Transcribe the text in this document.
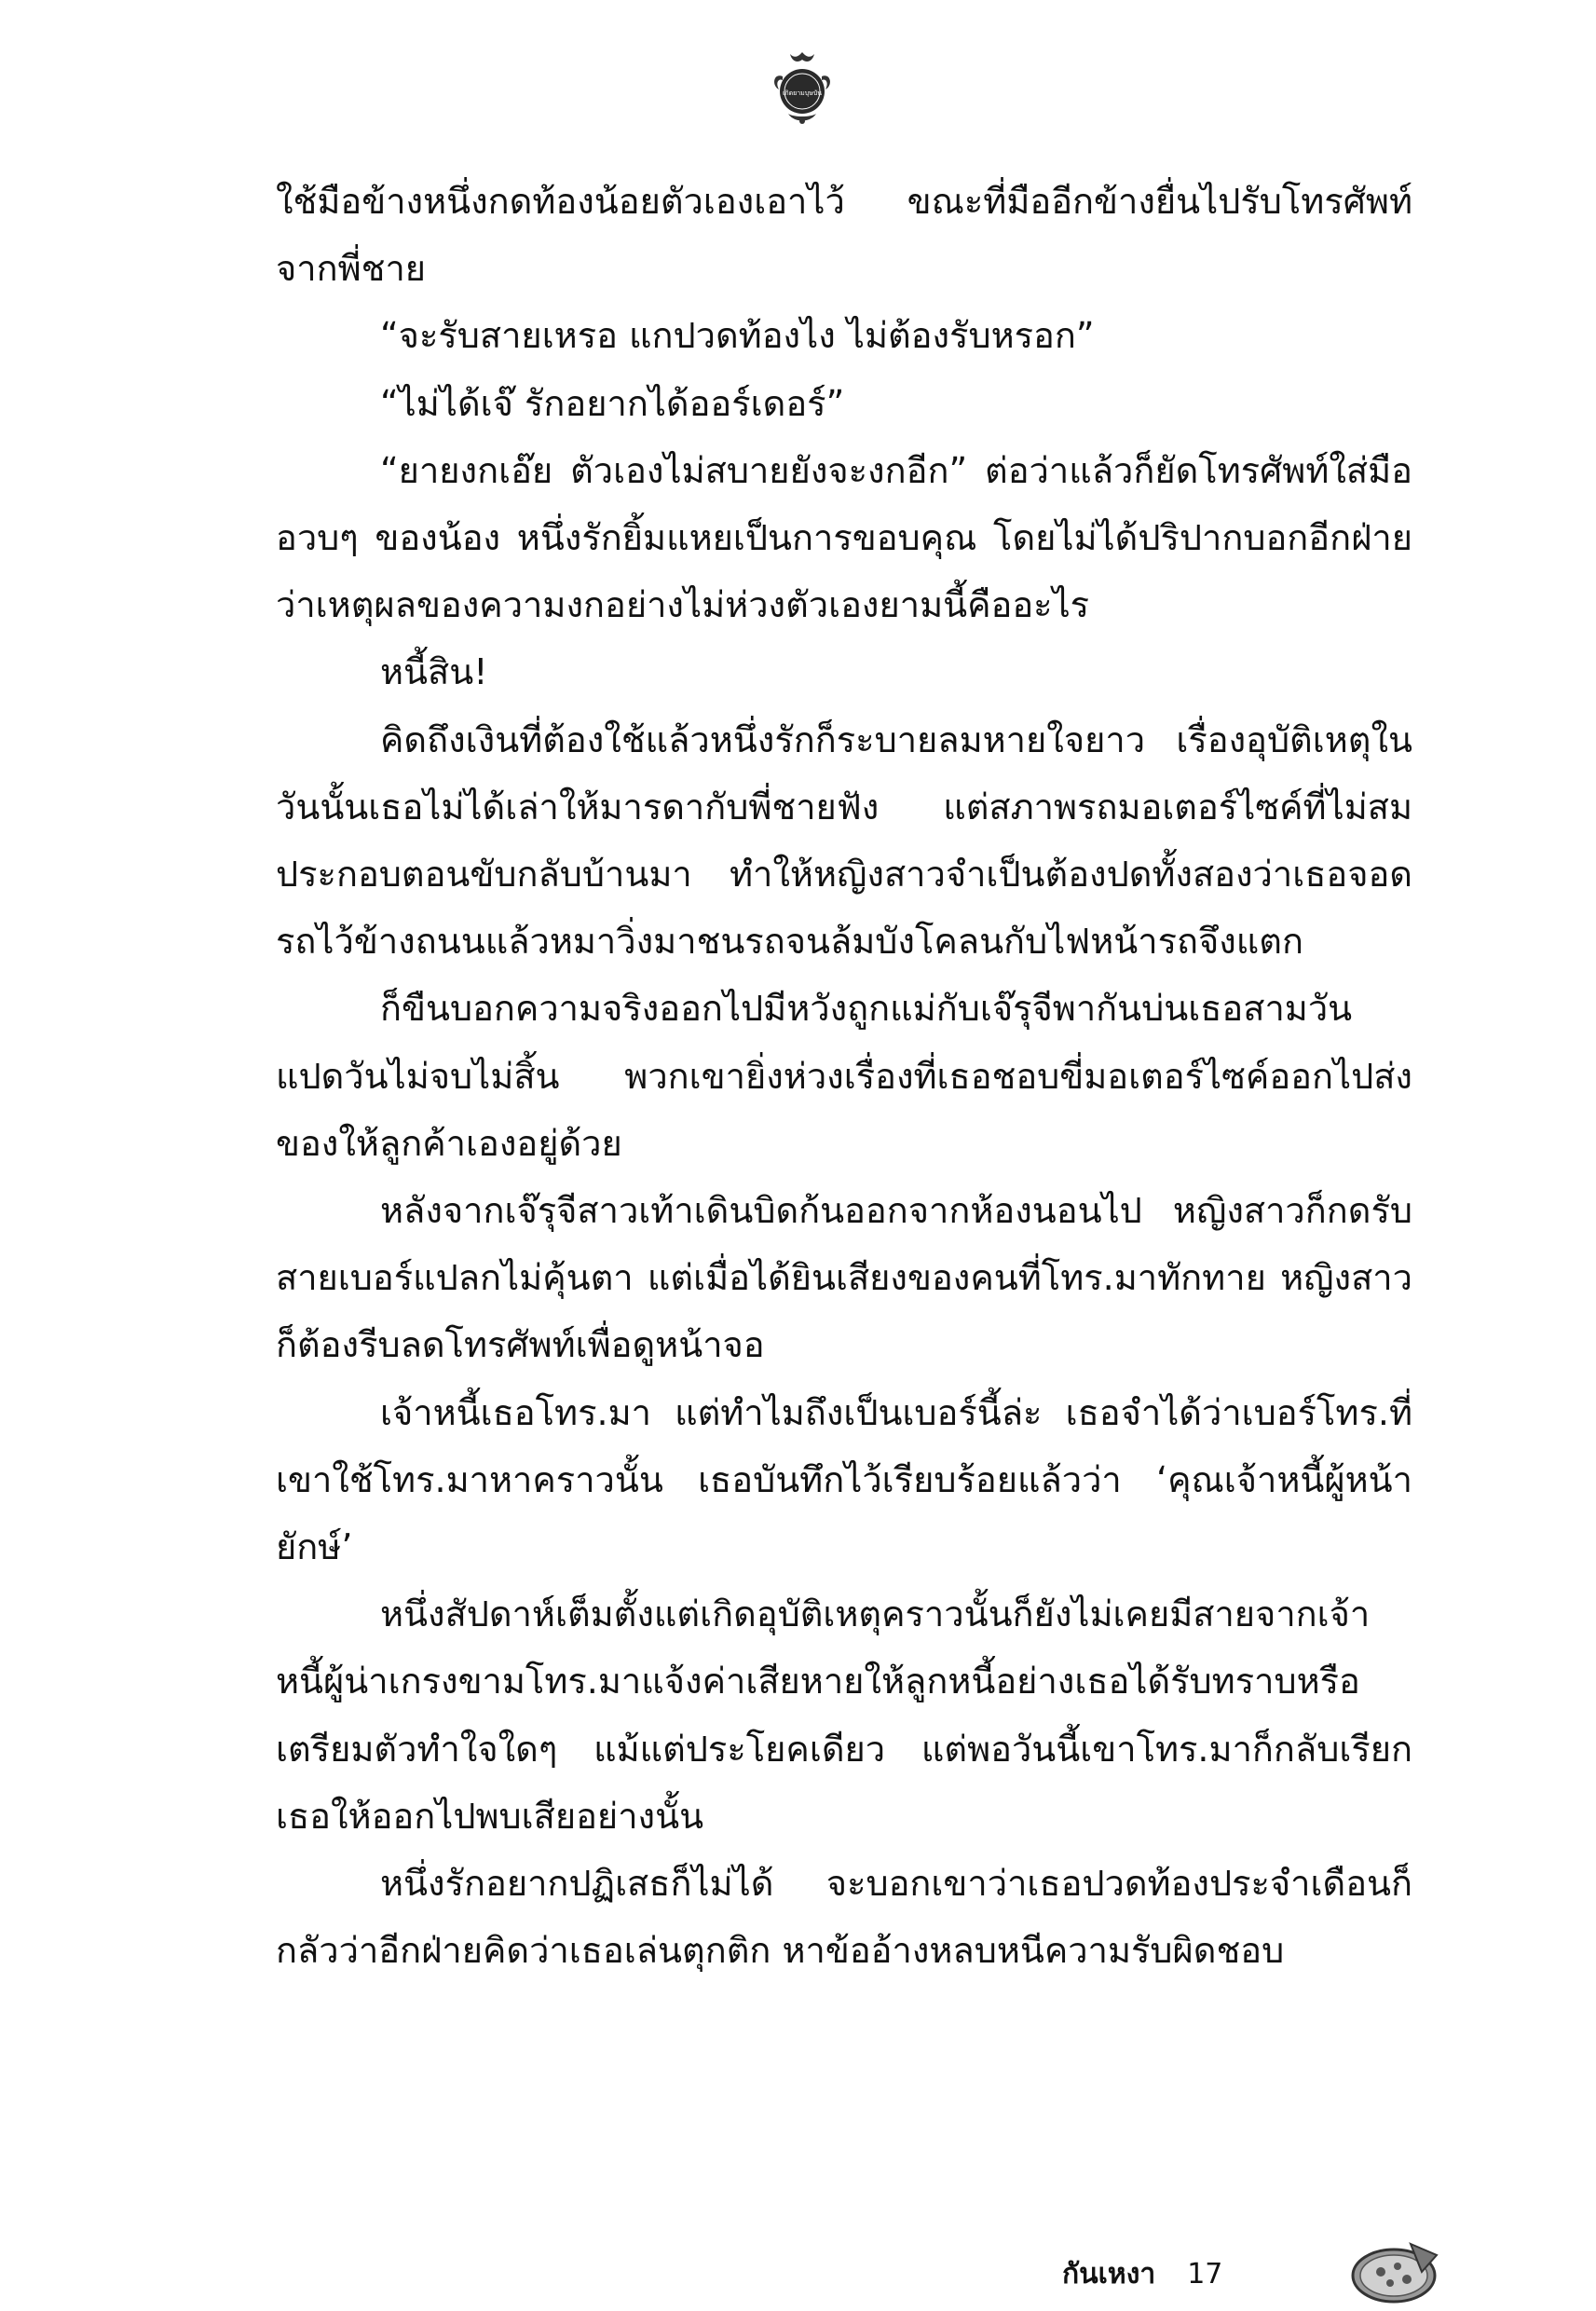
เกิดยามบุษบัน

ใช้มือข้างหนึ่งกดท้องน้อยตัวเองเอาไว้ ขณะที่มืออีกข้างยื่นไปรับโทรศัพท์จากพี่ชาย

“จะรับสายเหรอ แกปวดท้องไง ไม่ต้องรับหรอก”

“ไม่ได้เจ๊ รักอยากได้ออร์เดอร์”

“ยายงกเอ๊ย ตัวเองไม่สบายยังจะงกอีก” ต่อว่าแล้วก็ยัดโทรศัพท์ใส่มืออวบๆ ของน้อง หนึ่งรักยิ้มแหยเป็นการขอบคุณ โดยไม่ได้ปริปากบอกอีกฝ่ายว่าเหตุผลของความงกอย่างไม่ห่วงตัวเองยามนี้คืออะไร

หนี้สิน!

คิดถึงเงินที่ต้องใช้แล้วหนึ่งรักก็ระบายลมหายใจยาว เรื่องอุบัติเหตุในวันนั้นเธอไม่ได้เล่าให้มารดากับพี่ชายฟัง แต่สภาพรถมอเตอร์ไซค์ที่ไม่สมประกอบตอนขับกลับบ้านมา ทำให้หญิงสาวจำเป็นต้องปดทั้งสองว่าเธอจอดรถไว้ข้างถนนแล้วหมาวิ่งมาชนรถจนล้มบังโคลนกับไฟหน้ารถจึงแตก

ก็ขืนบอกความจริงออกไปมีหวังถูกแม่กับเจ๊รุจีพากันบ่นเธอสามวันแปดวันไม่จบไม่สิ้น พวกเขายิ่งห่วงเรื่องที่เธอชอบขี่มอเตอร์ไซค์ออกไปส่งของให้ลูกค้าเองอยู่ด้วย

หลังจากเจ๊รุจีสาวเท้าเดินบิดก้นออกจากห้องนอนไป หญิงสาวก็กดรับสายเบอร์แปลกไม่คุ้นตา แต่เมื่อได้ยินเสียงของคนที่โทร.มาทักทาย หญิงสาวก็ต้องรีบลดโทรศัพท์เพื่อดูหน้าจอ

เจ้าหนี้เธอโทร.มา แต่ทำไมถึงเป็นเบอร์นี้ล่ะ เธอจำได้ว่าเบอร์โทร.ที่เขาใช้โทร.มาหาคราวนั้น เธอบันทึกไว้เรียบร้อยแล้วว่า ‘คุณเจ้าหนี้ผู้หน้ายักษ์’

หนึ่งสัปดาห์เต็มตั้งแต่เกิดอุบัติเหตุคราวนั้นก็ยังไม่เคยมีสายจากเจ้าหนี้ผู้น่าเกรงขามโทร.มาแจ้งค่าเสียหายให้ลูกหนี้อย่างเธอได้รับทราบหรือเตรียมตัวทำใจใดๆ แม้แต่ประโยคเดียว แต่พอวันนี้เขาโทร.มาก็กลับเรียกเธอให้ออกไปพบเสียอย่างนั้น

หนึ่งรักอยากปฏิเสธก็ไม่ได้ จะบอกเขาว่าเธอปวดท้องประจำเดือนก็กลัวว่าอีกฝ่ายคิดว่าเธอเล่นตุกติก หาข้ออ้างหลบหนีความรับผิดชอบ

กันเหงา 17
